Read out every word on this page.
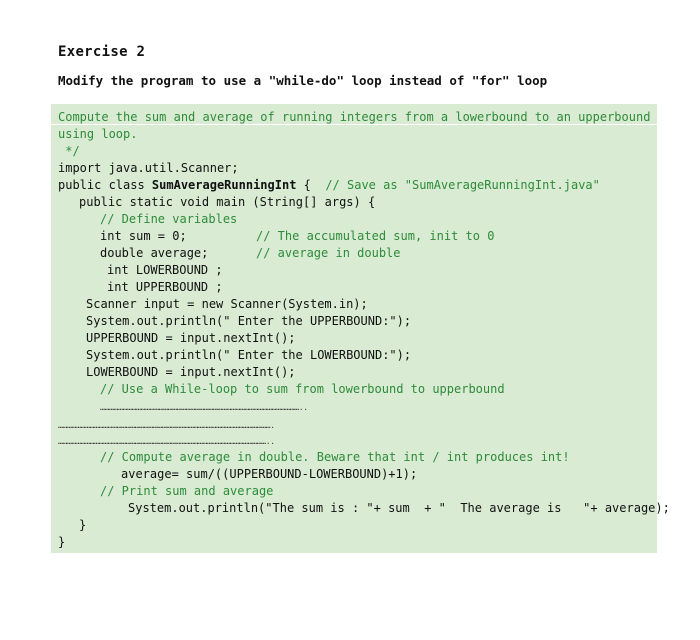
Exercise 2
Modify the program to use a "while-do" loop instead of "for" loop
Compute the sum and average of running integers from a lowerbound to an upperbound
using loop.
*/
import java.util.Scanner;
public class SumAverageRunningInt {  // Save as "SumAverageRunningInt.java"
public static void main (String[] args) {
// Define variables
int sum = 0;	// The accumulated sum, init to 0
double average;	// average in double
int LOWERBOUND ;
int UPPERBOUND ;
Scanner input = new Scanner(System.in);
System.out.println(" Enter the UPPERBOUND:");
UPPERBOUND = input.nextInt();
System.out.println(" Enter the LOWERBOUND:");
LOWERBOUND = input.nextInt();
// Use a While-loop to sum from lowerbound to upperbound
……………………………………………………………………………………………………………………..
…………………………………………………………………………………………………………………………….
…………………………………………………………………………………………………………………………..
// Compute average in double. Beware that int / int produces int!
average= sum/((UPPERBOUND-LOWERBOUND)+1);
// Print sum and average
System.out.println("The sum is : "+ sum  + "  The average is   "+ average);
}
}
